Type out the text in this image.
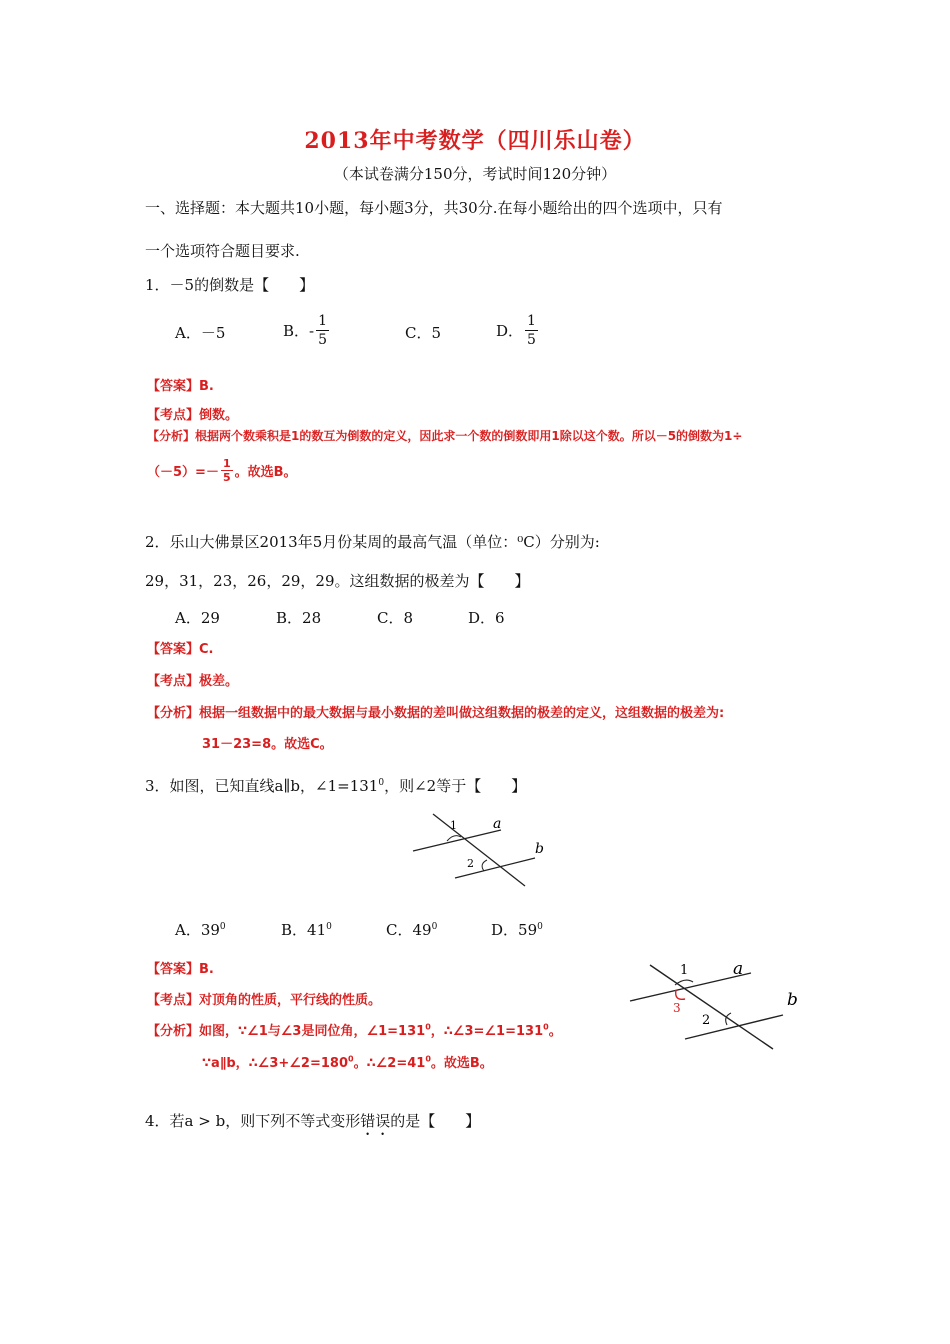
2013年中考数学（四川乐山卷）
（本试卷满分150分，考试时间120分钟）
一、选择题：本大题共10小题，每小题3分，共30分.在每小题给出的四个选项中，只有
一个选项符合题目要求.
1．－5的倒数是【　　】
A．－5	B．- $\frac{1}{5}$	C．5	D． $\frac{1}{5}$
【答案】B.
【考点】倒数。
【分析】根据两个数乘积是1的数互为倒数的定义，因此求一个数的倒数即用1除以这个数。所以－5的倒数为1÷
$(-5)=- \frac{1}{5}$ 。故选B。
2．乐山大佛景区2013年5月份某周的最高气温（单位：⁰C）分别为:
29，31，23，26，29，29。这组数据的极差为【　　】
A．29	B．28	C．8	D．6
【答案】C.
【考点】极差。
【分析】根据一组数据中的最大数据与最小数据的差叫做这组数据的极差的定义，这组数据的极差为:
31－23=8。故选C。
3．如图，已知直线a∥b，$\angle 1=131^0$，则∠2等于【　　】
1
2
a
b
A．$39^0$	B．$41^0$	C．$49^0$	D．$59^0$
【答案】B.
【考点】对顶角的性质，平行线的性质。
【分析】如图，∵∠1与∠3是同位角，$\angle 1=131^0$，$\therefore\angle 3=\angle 1=131^0$。
∵a∥b，$\therefore\angle 3+\angle 2=180^0$。$\therefore\angle 2=41^0$。故选B。
1
3
2
a
b
4．若a > b，则下列不等式变形错误的是【　　】
